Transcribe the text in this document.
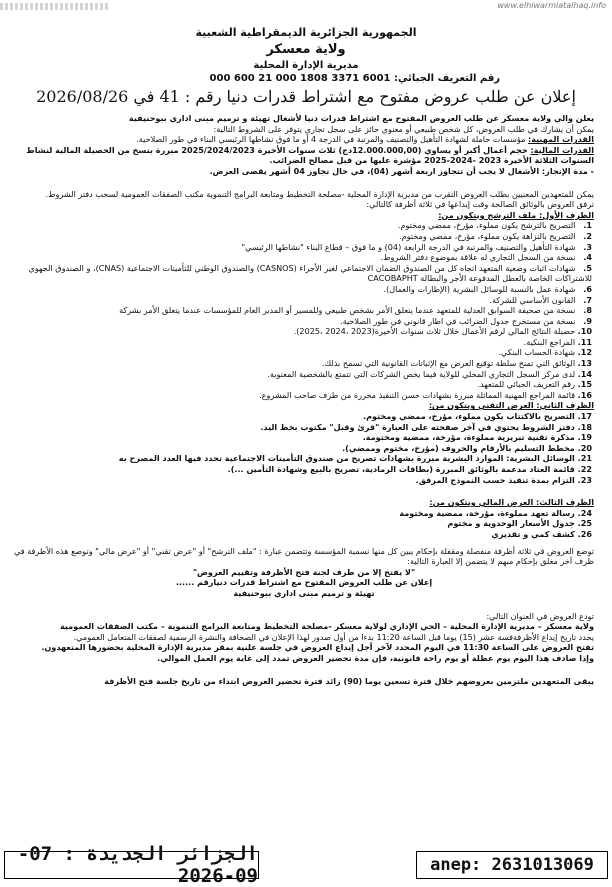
www.elhiwarmiatalhaq.info
الجمهورية الجزائرية الديمقراطية الشعبية
ولاية معسكر
مديرية الإدارة المحلية
رقم التعريف الجبائي: 6001 3371 1808 000 21 600 000
إعلان عن طلب عروض مفتوح مع اشتراط قدرات دنيا رقم : 41 في 2026/08/26

يعلن والي ولاية معسكر عن طلب العروض المفتوح مع اشتراط قدرات دنيا لأشغال تهيئة و ترميم مبنى اداري ببوحنيفية

يمكن أن يشارك في طلب العروض، كل شخص طبيعي أو معنوي حائز على سجل تجاري يتوفر على الشروط التالية:

القدرات المهنية: مؤسسات حاملة لشهادة التأهيل والتصنيف والمرتبة في الدرجة 4 أو ما فوق نشاطها الرئيسي البناء في طور الصلاحية.

القدرات المالية: حجم أعمال أكبر أو يساوي (12.000.000,00دج) ثلاث سنوات الأخيرة 2025/2024/2023 مبررة بنسخ من الحصيلة المالية لنشاط السنوات الثلاثة الأخيرة 2023 -2024-2025 مؤشرة عليها من قبل مصالح الضرائب.

- مدة الإنجاز: الأشغال لا يجب أن تتجاوز اربعة أشهر (04)، في حال تجاوز 04 أشهر يقصى العرض.

يمكن للمتعهدين المعنيين بطلب العروض التقرب من مديرية الإدارة المحلية -مصلحة التخطيط ومتابعة البرامج التنموية مكتب الصفقات العمومية لسحب دفتر الشروط.

ترفق العروض بالوثائق الصالحة وقت إيداعها في ثلاثة أظرفة كالتالي:

الظرف الأول: ملف الترشح ويتكون من:

1. التصريح بالترشح يكون مملوء، مؤرخ، ممضي ومختوم.
2. التصريح بالنزاهة يكون مملوء، مؤرخ، ممضي ومختوم.
3. شهادة التأهيل والتصنيف والمرتبة في الدرجة الرابعة (04) و ما فوق – قطاع البناء "نشاطها الرئيسي"
4. نسخة من السجل التجاري له علاقة بموضوع دفتر الشروط.
5. شهادات اثبات وضعية المتعهد اتجاه كل من الصندوق الضمان الاجتماعي لغير الأجراء (CASNOS) والصندوق الوطني للتأمينات الاجتماعية (CNAS)، و الصندوق الجهوي للاشتراكات الخاصة بالعطل المدفوعة الأجر والبطالة CACOBAPHT
6. شهادة عمل بالنسبة للوسائل البشرية (الإطارات والعمال).
7. القانون الأساسي للشركة.
8. نسخة من صحيفة السوابق العدلية للمتعهد عندما يتعلق الأمر بشخص طبيعي وللمسير أو المدير العام للمؤسسات عندما يتعلق الأمر بشركة
9. نسخة من مستخرج جدول الضرائب في اطار قانوني في طور الصلاحية.
10. حصيلة النتائج المالي لرقم الأعمال خلال ثلاث سنوات الأخيرة(2023 ،2024 ،2025).
11. المراجع البنكية.
12. شهادة الحساب البنكي.
13. الوثائق التي تمنح سلطة توقيع العرض مع الإثباتات القانونية التي تسمح بذلك.
14. لدى مركز السجل التجاري المحلي للولاية فيما يخص الشركات التي تتمتع بالشخصية المعنوية.
15. رقم التعريف الجبائي للمتعهد.
16. قائمة المراجع المهنية المماثلة مبررة بشهادات حسن التنفيذ محررة من طرف صاحب المشروع.

الظرف الثاني: العرض التقني ويتكون من:

17. التصريح بالاكتتاب يكون مملوء، مؤرخ، ممضي ومختوم.
18. دفتر الشروط يحتوي في آخر صفحته على العبارة "قرئ وقبل" مكتوب بخط اليد.
19. مذكرة تقنية تبريرية مملوءة، مؤرخة، ممضية ومختومة.
20. مخطط التسليم بالأرقام والحروف (مؤرخ، مختوم وممضي).
21. الوسائل البشرية: الموارد البشرية مبررة بشهادات تصريح من صندوق التأمينات الاجتماعية تحدد فيها العدد المصرح به
22. قائمة العتاد مدعمة بالوثائق المبررة (بطاقات الرمادية، تصريح بالبيع وشهادة التأمين ...).
23. التزام بمدة تنفيذ حسب النموذج المرفق.

الظرف الثالث: العرض المالي ويتكون من:

24. رسالة تعهد مملوءة، مؤرخة، ممضية ومختومة
25. جدول الأسعار الوحدوية و مختوم
26. كشف كمي و تقديري

توضع العروض في ثلاثة أظرفة منفصلة ومقفلة بإحكام يبين كل منها تسمية المؤسسة وتتضمن عبارة : "ملف الترشح" أو "عرض تقني" أو "عرض مالي" وتوضع هذه الأظرفة في ظرف آخر مغلق بإحكام مبهم لا يتضمن إلا العبارة التالية:

"لا يفتح إلا من طرف لجنة فتح الأظرفة وتقييم العروض"

إعلان عن طلب العروض المفتوح مع اشتراط قدرات دنيارقم ......

تهيئة و ترميم مبنى اداري ببوحنيفية

تودع العروض في العنوان التالي:

ولاية معسكر – مديرية الإدارة المحلية – الحي الإداري لولاية معسكر -مصلحة التخطيط ومتابعة البرامج التنموية – مكتب الصفقات العمومية

يحدد تاريخ إيداع الأظرفةفسة عشر (15) يوما قبل الساعة 11:20 بدءا من أول صدور لهذا الإعلان في الصحافة والنشرة الرسمية لصفقات المتعامل العمومي.

تفتح العروض على الساعة 11:30 في اليوم المحدد لآخر أجل إيداع العروض في جلسة علنية بمقر مديرية الإدارة المحلية بحضورها المتعهدون.

وإذا صادف هذا اليوم يوم عطلة أو يوم راحة قانونية، فإن مدة تحضير العروض تمدد إلى غاية يوم العمل الموالي.

يبقى المتعهدين ملتزمين بعروضهم خلال فترة تسعين يوما (90) زائد فترة تحضير العروض ابتداء من تاريخ جلسة فتح الأظرفة

الجزائر الجديدة : 07-09-2026	anep: 2631013069
